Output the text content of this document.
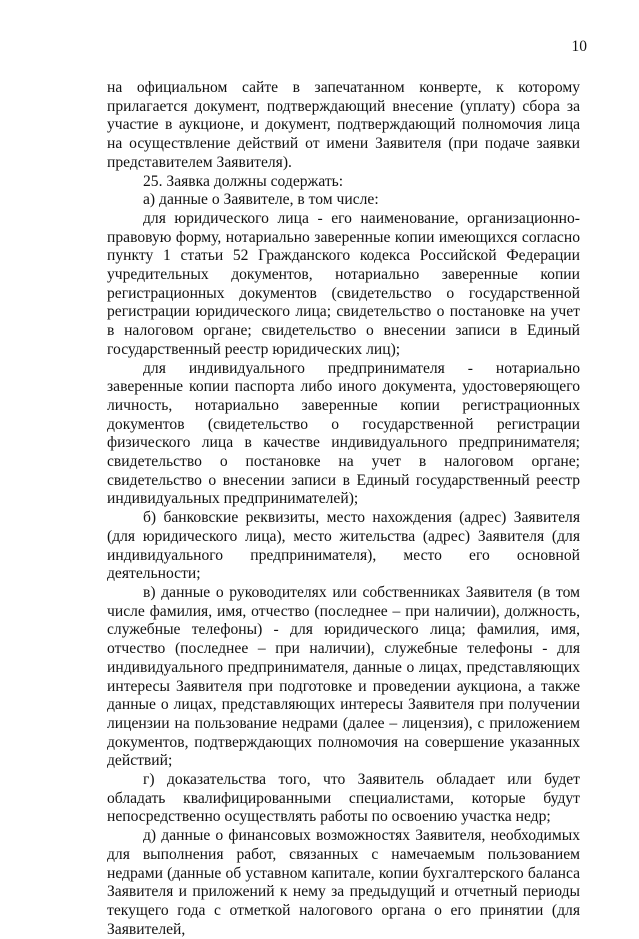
10

на официальном сайте в запечатанном конверте, к которому прилагается документ, подтверждающий внесение (уплату) сбора за участие в аукционе, и документ, подтверждающий полномочия лица на осуществление действий от имени Заявителя (при подаче заявки представителем Заявителя).

25. Заявка должны содержать:

а) данные о Заявителе, в том числе:

для юридического лица - его наименование, организационно-правовую форму, нотариально заверенные копии имеющихся согласно пункту 1 статьи 52 Гражданского кодекса Российской Федерации учредительных документов, нотариально заверенные копии регистрационных документов (свидетельство о государственной регистрации юридического лица; свидетельство о постановке на учет в налоговом органе; свидетельство о внесении записи в Единый государственный реестр юридических лиц);

для индивидуального предпринимателя - нотариально заверенные копии паспорта либо иного документа, удостоверяющего личность, нотариально заверенные копии регистрационных документов (свидетельство о государственной регистрации физического лица в качестве индивидуального предпринимателя; свидетельство о постановке на учет в налоговом органе; свидетельство о внесении записи в Единый государственный реестр индивидуальных предпринимателей);

б) банковские реквизиты, место нахождения (адрес) Заявителя (для юридического лица), место жительства (адрес) Заявителя (для индивидуального предпринимателя), место его основной деятельности;

в) данные о руководителях или собственниках Заявителя (в том числе фамилия, имя, отчество (последнее – при наличии), должность, служебные телефоны) - для юридического лица; фамилия, имя, отчество (последнее – при наличии), служебные телефоны - для индивидуального предпринимателя, данные о лицах, представляющих интересы Заявителя при подготовке и проведении аукциона, а также данные о лицах, представляющих интересы Заявителя при получении лицензии на пользование недрами (далее – лицензия), с приложением документов, подтверждающих полномочия на совершение указанных действий;

г) доказательства того, что Заявитель обладает или будет обладать квалифицированными специалистами, которые будут непосредственно осуществлять работы по освоению участка недр;

д) данные о финансовых возможностях Заявителя, необходимых для выполнения работ, связанных с намечаемым пользованием недрами (данные об уставном капитале, копии бухгалтерского баланса Заявителя и приложений к нему за предыдущий и отчетный периоды текущего года с отметкой налогового органа о его принятии (для Заявителей,
